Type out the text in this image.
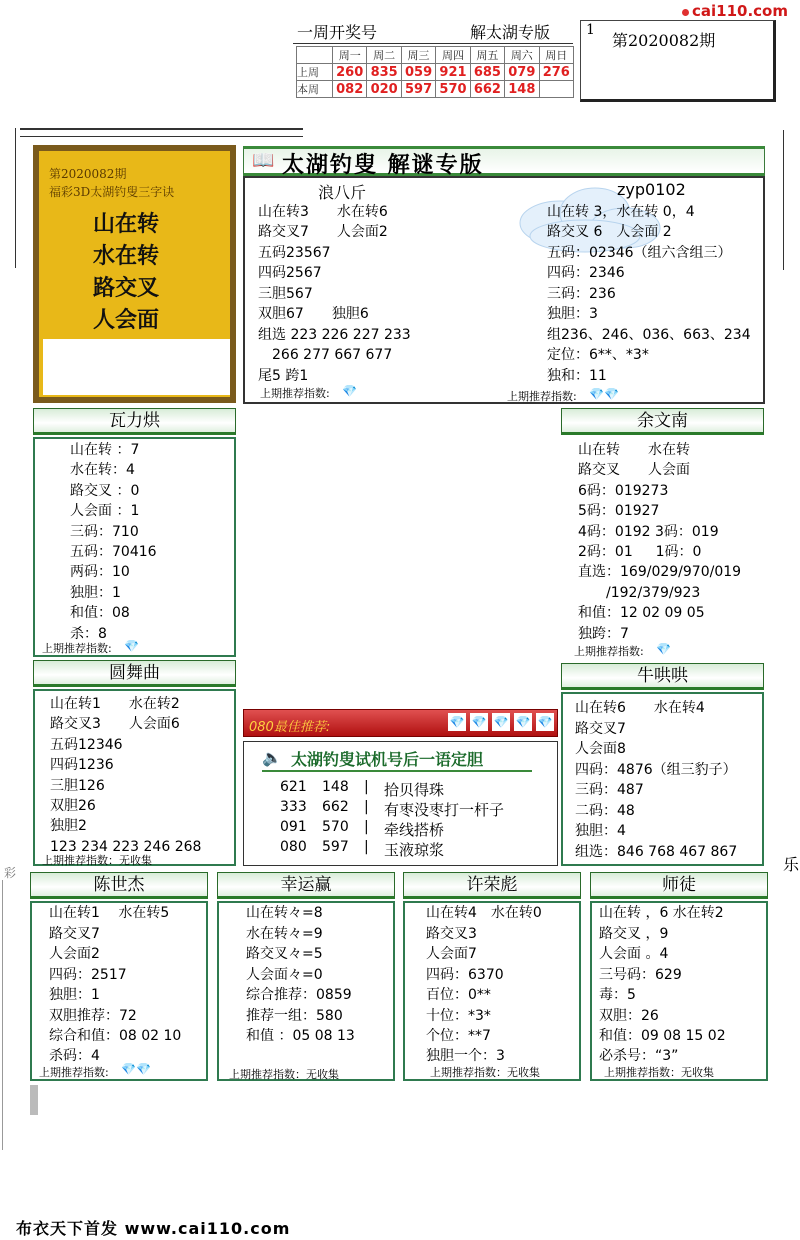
一周开奖号	解太湖专版	1
cai110.com
第2020082期
	周一	周二	周三	周四	周五	周六	周日
上周	260	835	059	921	685	079	276
本周	082	020	597	570	662	148	
彩	乐
第2020082期
福彩3D太湖钓叟三字诀
山在转
水在转
路交叉
人会面
📖 太湖钓叟 解谜专版
浪八斤
山在转3　　水在转6
路交叉7　　人会面2
五码23567
四码2567
三胆567
双胆67　　独胆6
组选 223 226 227 233
　266 277 667 677
尾5 跨1
上期推荐指数: 💎
zyp0102
山在转 3，水在转 0，4
路交叉 6　人会面 2
五码：02346（组六含组三）
四码：2346
三码：236
独胆：3
组236、246、036、663、234
定位：6**、*3*
独和：11
上期推荐指数: 💎💎
瓦力烘
山在转 ：7
水在转：4
路交叉 ：0
人会面 ：1
三码：710
五码：70416
两码：10
独胆：1
和值：08
杀：8
上期推荐指数: 💎
余文南
山在转　　水在转
路交叉　　人会面
6码：019273
5码：01927
4码：0192 3码：019
2码：01　  1码：0
直选：169/029/970/019
　　/192/379/923
和值：12 02 09 05
独跨：7
上期推荐指数: 💎
圆舞曲
山在转1　　水在转2
路交叉3　　人会面6
五码12346
四码1236
三胆126
双胆26
独胆2
123 234 223 246 268
上期推荐指数：无收集
080最佳推荐:	💎 💎 💎 💎 💎
🔈 太湖钓叟试机号后一语定胆
621 148 | 拾贝得珠
333 662 | 有枣没枣打一杆子
091 570 | 牵线搭桥
080 597 | 玉液琼浆
牛哄哄
山在转6　　水在转4
路交叉7
人会面8
四码：4876（组三豹子）
三码：487
二码：48
独胆：4
组选：846 768 467 867
陈世杰
山在转1　 水在转5
路交叉7
人会面2
四码：2517
独胆：1
双胆推荐：72
综合和值：08 02 10
杀码：4
上期推荐指数: 💎💎
幸运赢
山在转々=8
水在转々=9
路交叉々=5
人会面々=0
综合推荐：0859
推荐一组：580
和值 ：05 08 13
上期推荐指数：无收集
许荣彪
山在转4　水在转0
路交叉3
人会面7
四码：6370
百位：0**
十位：*3*
个位：**7
独胆一个：3
上期推荐指数：无收集
师徒
山在转 ，6 水在转2
路交叉 ，9
人会面 。4
三号码：629
毒：5
双胆：26
和值：09 08 15 02
必杀号：“3”
上期推荐指数：无收集
布衣天下首发 www.cai110.com
